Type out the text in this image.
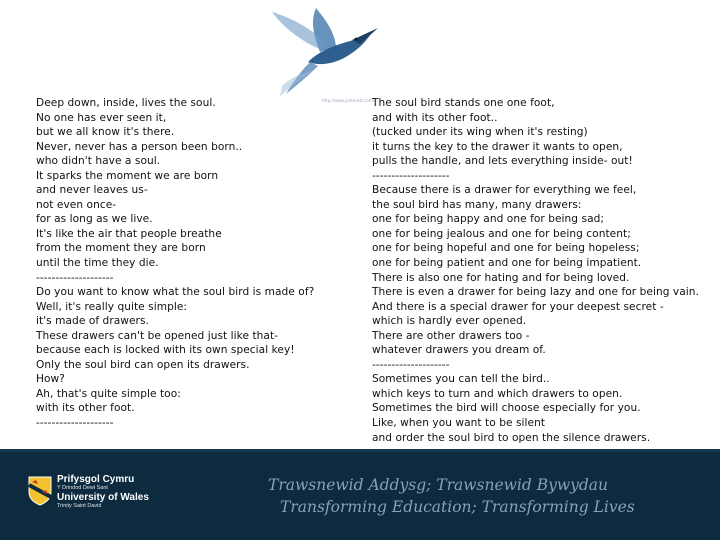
http://www.pinterest.com/...
Deep down, inside, lives the soul.
No one has ever seen it,
but we all know it's there.
Never, never has a person been born..
who didn't have a soul.
It sparks the moment we are born
and never leaves us-
not even once-
for as long as we live.
It's like the air that people breathe
from the moment they are born
until the time they die.
--------------------
Do you want to know what the soul bird is made of?
Well, it's really quite simple:
it's made of drawers.
These drawers can't be opened just like that-
because each is locked with its own special key!
Only the soul bird can open its drawers.
How?
Ah, that's quite simple too:
with its other foot.
--------------------
The soul bird stands one one foot,
and with its other foot..
(tucked under its wing when it's resting)
it turns the key to the drawer it wants to open,
pulls the handle, and lets everything inside- out!
--------------------
Because there is a drawer for everything we feel,
the soul bird has many, many drawers:
one for being happy and one for being sad;
one for being jealous and one for being content;
one for being hopeful and one for being hopeless;
one for being patient and one for being impatient.
There is also one for hating and for being loved.
There is even a drawer for being lazy and one for being vain.
And there is a special drawer for your deepest secret -
which is hardly ever opened.
There are other drawers too -
whatever drawers you dream of.
--------------------
Sometimes you can tell the bird..
which keys to turn and which drawers to open.
Sometimes the bird will choose especially for you.
Like, when you want to be silent
and order the soul bird to open the silence drawers.
Prifysgol Cymru
Y Drindod Dewi Sant
University of Wales
Trinity Saint David
Trawsnewid Addysg; Trawsnewid Bywydau
Transforming Education; Transforming Lives
